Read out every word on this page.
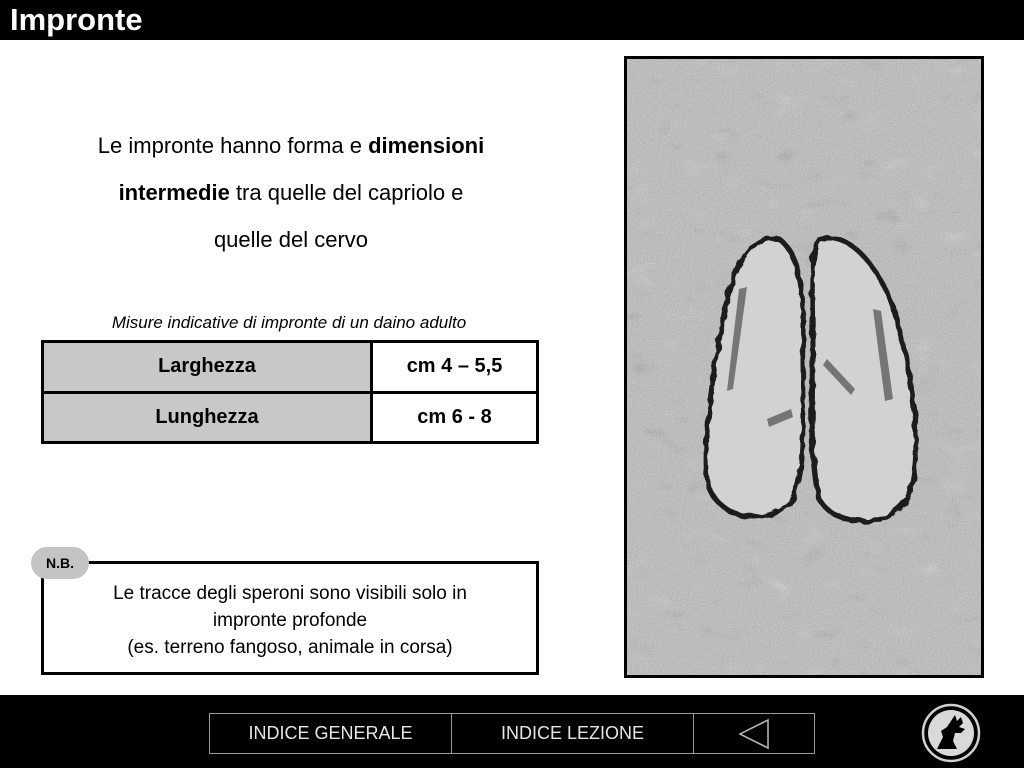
Impronte
Le impronte hanno forma e dimensioni
intermedie tra quelle del capriolo e
quelle del cervo
Misure indicative di impronte di un daino adulto
Larghezza	cm 4 – 5,5
Lunghezza	cm 6 - 8
Le tracce degli speroni sono visibili solo in
impronte profonde
(es. terreno fangoso, animale in corsa)
N.B.
INDICE GENERALE	INDICE LEZIONE
